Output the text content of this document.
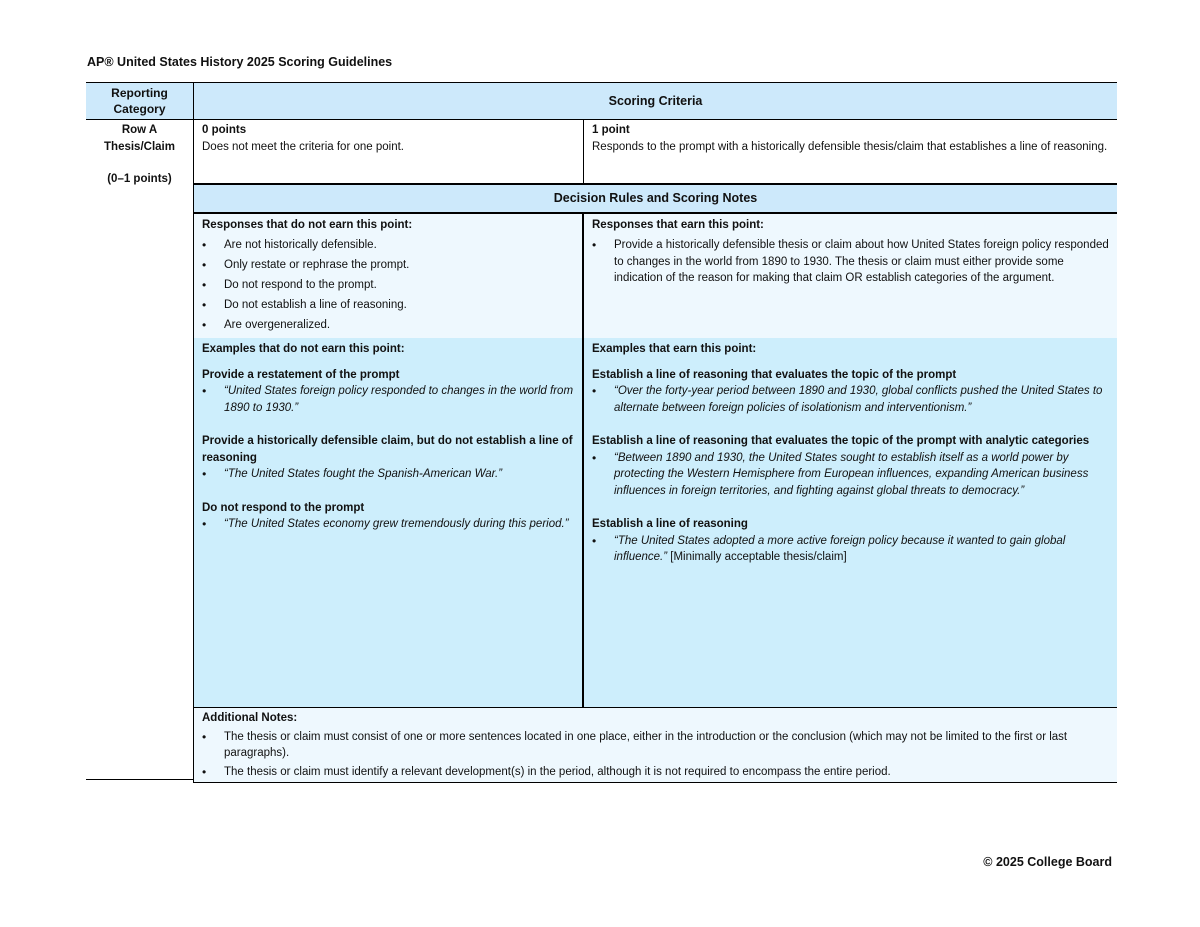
AP® United States History 2025 Scoring Guidelines
Reporting Category
Scoring Criteria
Row A
Thesis/Claim
(0–1 points)
0 points
Does not meet the criteria for one point.
1 point
Responds to the prompt with a historically defensible thesis/claim that establishes a line of reasoning.
Decision Rules and Scoring Notes
Responses that do not earn this point:
• Are not historically defensible.
• Only restate or rephrase the prompt.
• Do not respond to the prompt.
• Do not establish a line of reasoning.
• Are overgeneralized.
Responses that earn this point:
• Provide a historically defensible thesis or claim about how United States foreign policy responded to changes in the world from 1890 to 1930. The thesis or claim must either provide some indication of the reason for making that claim OR establish categories of the argument.
Examples that do not earn this point:
Provide a restatement of the prompt
• “United States foreign policy responded to changes in the world from 1890 to 1930.”
Provide a historically defensible claim, but do not establish a line of reasoning
• “The United States fought the Spanish-American War.”
Do not respond to the prompt
• “The United States economy grew tremendously during this period.”
Examples that earn this point:
Establish a line of reasoning that evaluates the topic of the prompt
• “Over the forty-year period between 1890 and 1930, global conflicts pushed the United States to alternate between foreign policies of isolationism and interventionism.”
Establish a line of reasoning that evaluates the topic of the prompt with analytic categories
• “Between 1890 and 1930, the United States sought to establish itself as a world power by protecting the Western Hemisphere from European influences, expanding American business influences in foreign territories, and fighting against global threats to democracy.”
Establish a line of reasoning
• “The United States adopted a more active foreign policy because it wanted to gain global influence.” [Minimally acceptable thesis/claim]
Additional Notes:
• The thesis or claim must consist of one or more sentences located in one place, either in the introduction or the conclusion (which may not be limited to the first or last paragraphs).
• The thesis or claim must identify a relevant development(s) in the period, although it is not required to encompass the entire period.
© 2025 College Board
